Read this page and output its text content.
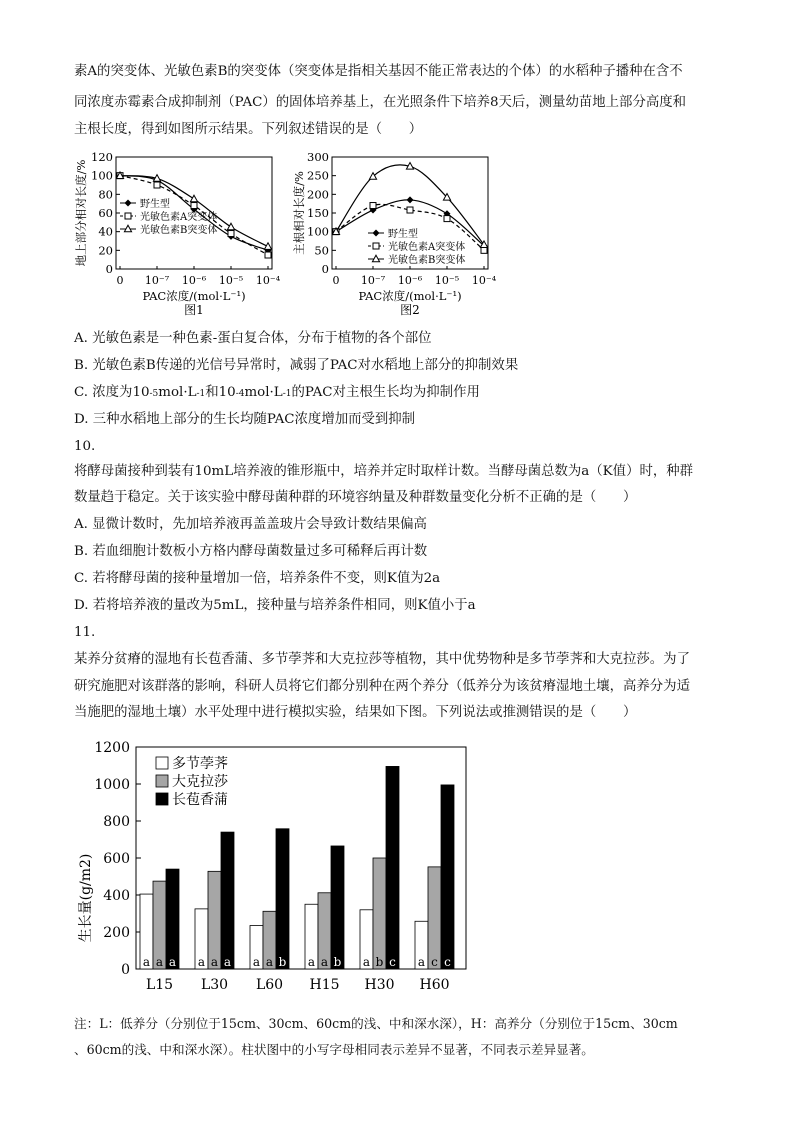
素A的突变体、光敏色素B的突变体（突变体是指相关基因不能正常表达的个体）的水稻种子播种在含不
同浓度赤霉素合成抑制剂（PAC）的固体培养基上，在光照条件下培养8天后，测量幼苗地上部分高度和
主根长度，得到如图所示结果。下列叙述错误的是（　　）
0
20
40
60
80
100
120
0 10⁻⁷ 10⁻⁶ 10⁻⁵ 10⁻⁴
野生型
光敏色素A突变体
光敏色素B突变体
地上部分相对长度/%
PAC浓度/(mol·L⁻¹)
图1
0
50
100
150
200
250
300
0 10⁻⁷ 10⁻⁶ 10⁻⁵ 10⁻⁴
野生型
光敏色素A突变体
光敏色素B突变体
主根相对长度/%
PAC浓度/(mol·L⁻¹)
图2
A. 光敏色素是一种色素-蛋白复合体，分布于植物的各个部位
B. 光敏色素B传递的光信号异常时，减弱了PAC对水稻地上部分的抑制效果
C. 浓度为10-5mol·L-1和10-4mol·L-1的PAC对主根生长均为抑制作用
D. 三种水稻地上部分的生长均随PAC浓度增加而受到抑制
10.
将酵母菌接种到装有10mL培养液的锥形瓶中，培养并定时取样计数。当酵母菌总数为a（K值）时，种群
数量趋于稳定。关于该实验中酵母菌种群的环境容纳量及种群数量变化分析不正确的是（　　）
A. 显微计数时，先加培养液再盖盖玻片会导致计数结果偏高
B. 若血细胞计数板小方格内酵母菌数量过多可稀释后再计数
C. 若将酵母菌的接种量增加一倍，培养条件不变，则K值为2a
D. 若将培养液的量改为5mL，接种量与培养条件相同，则K值小于a
11.
某养分贫瘠的湿地有长苞香蒲、多节荸荠和大克拉莎等植物，其中优势物种是多节荸荠和大克拉莎。为了
研究施肥对该群落的影响，科研人员将它们都分别种在两个养分（低养分为该贫瘠湿地土壤，高养分为适
当施肥的湿地土壤）水平处理中进行模拟实验，结果如下图。下列说法或推测错误的是（　　）
0
200
400
600
800
1000
1200
a a a
L15
a a a
L30
a a b
L60
a a b
H15
a b c
H30
a c c
H60
多节荸荠
大克拉莎
长苞香蒲
生长量(g/m2)
注：L：低养分（分别位于15cm、30cm、60cm的浅、中和深水深），H：高养分（分别位于15cm、30cm
、60cm的浅、中和深水深）。柱状图中的小写字母相同表示差异不显著，不同表示差异显著。
